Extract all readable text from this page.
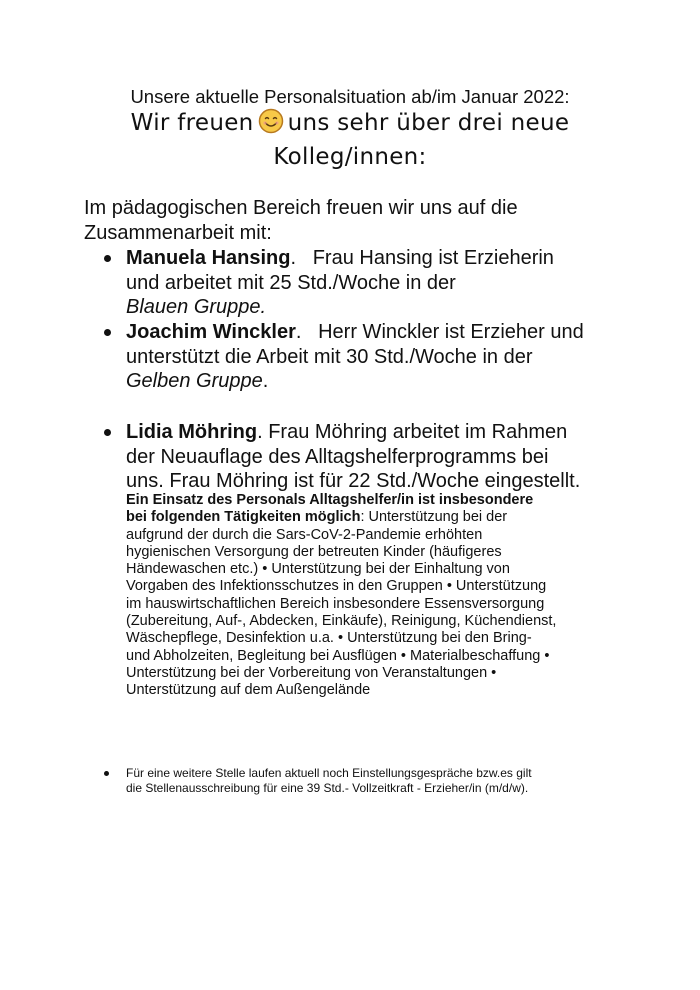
Unsere aktuelle Personalsituation ab/im Januar 2022:
Wir freuen uns sehr über drei neue
Kolleg/innen:
Im pädagogischen Bereich freuen wir uns auf die
Zusammenarbeit mit:
Manuela Hansing.   Frau Hansing ist Erzieherin
und arbeitet mit 25 Std./Woche in der
Blauen Gruppe.
Joachim Winckler.   Herr Winckler ist Erzieher und
unterstützt die Arbeit mit 30 Std./Woche in der
Gelben Gruppe.
Lidia Möhring. Frau Möhring arbeitet im Rahmen
der Neuauflage des Alltagshelferprogramms bei
uns. Frau Möhring ist für 22 Std./Woche eingestellt.
Ein Einsatz des Personals Alltagshelfer/in ist insbesondere
bei folgenden Tätigkeiten möglich: Unterstützung bei der
aufgrund der durch die Sars-CoV-2-Pandemie erhöhten
hygienischen Versorgung der betreuten Kinder (häufigeres
Händewaschen etc.) • Unterstützung bei der Einhaltung von
Vorgaben des Infektionsschutzes in den Gruppen • Unterstützung
im hauswirtschaftlichen Bereich insbesondere Essensversorgung
(Zubereitung, Auf-, Abdecken, Einkäufe), Reinigung, Küchendienst,
Wäschepflege, Desinfektion u.a. • Unterstützung bei den Bring-
und Abholzeiten, Begleitung bei Ausflügen • Materialbeschaffung •
Unterstützung bei der Vorbereitung von Veranstaltungen •
Unterstützung auf dem Außengelände
Für eine weitere Stelle laufen aktuell noch Einstellungsgespräche bzw.es gilt
die Stellenausschreibung für eine 39 Std.- Vollzeitkraft - Erzieher/in (m/d/w).
